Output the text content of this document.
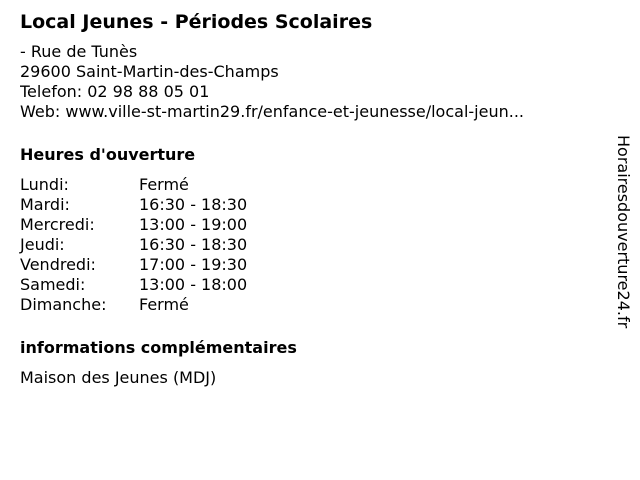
Local Jeunes - Périodes Scolaires
- Rue de Tunès
29600 Saint-Martin-des-Champs
Telefon: 02 98 88 05 01
Web: www.ville-st-martin29.fr/enfance-et-jeunesse/local-jeun...
Heures d'ouverture
Lundi:	Fermé
Mardi:	16:30 - 18:30
Mercredi:	13:00 - 19:00
Jeudi:	16:30 - 18:30
Vendredi:	17:00 - 19:30
Samedi:	13:00 - 18:00
Dimanche:	Fermé
informations complémentaires
Maison des Jeunes (MDJ)
Horairesdouverture24.fr
